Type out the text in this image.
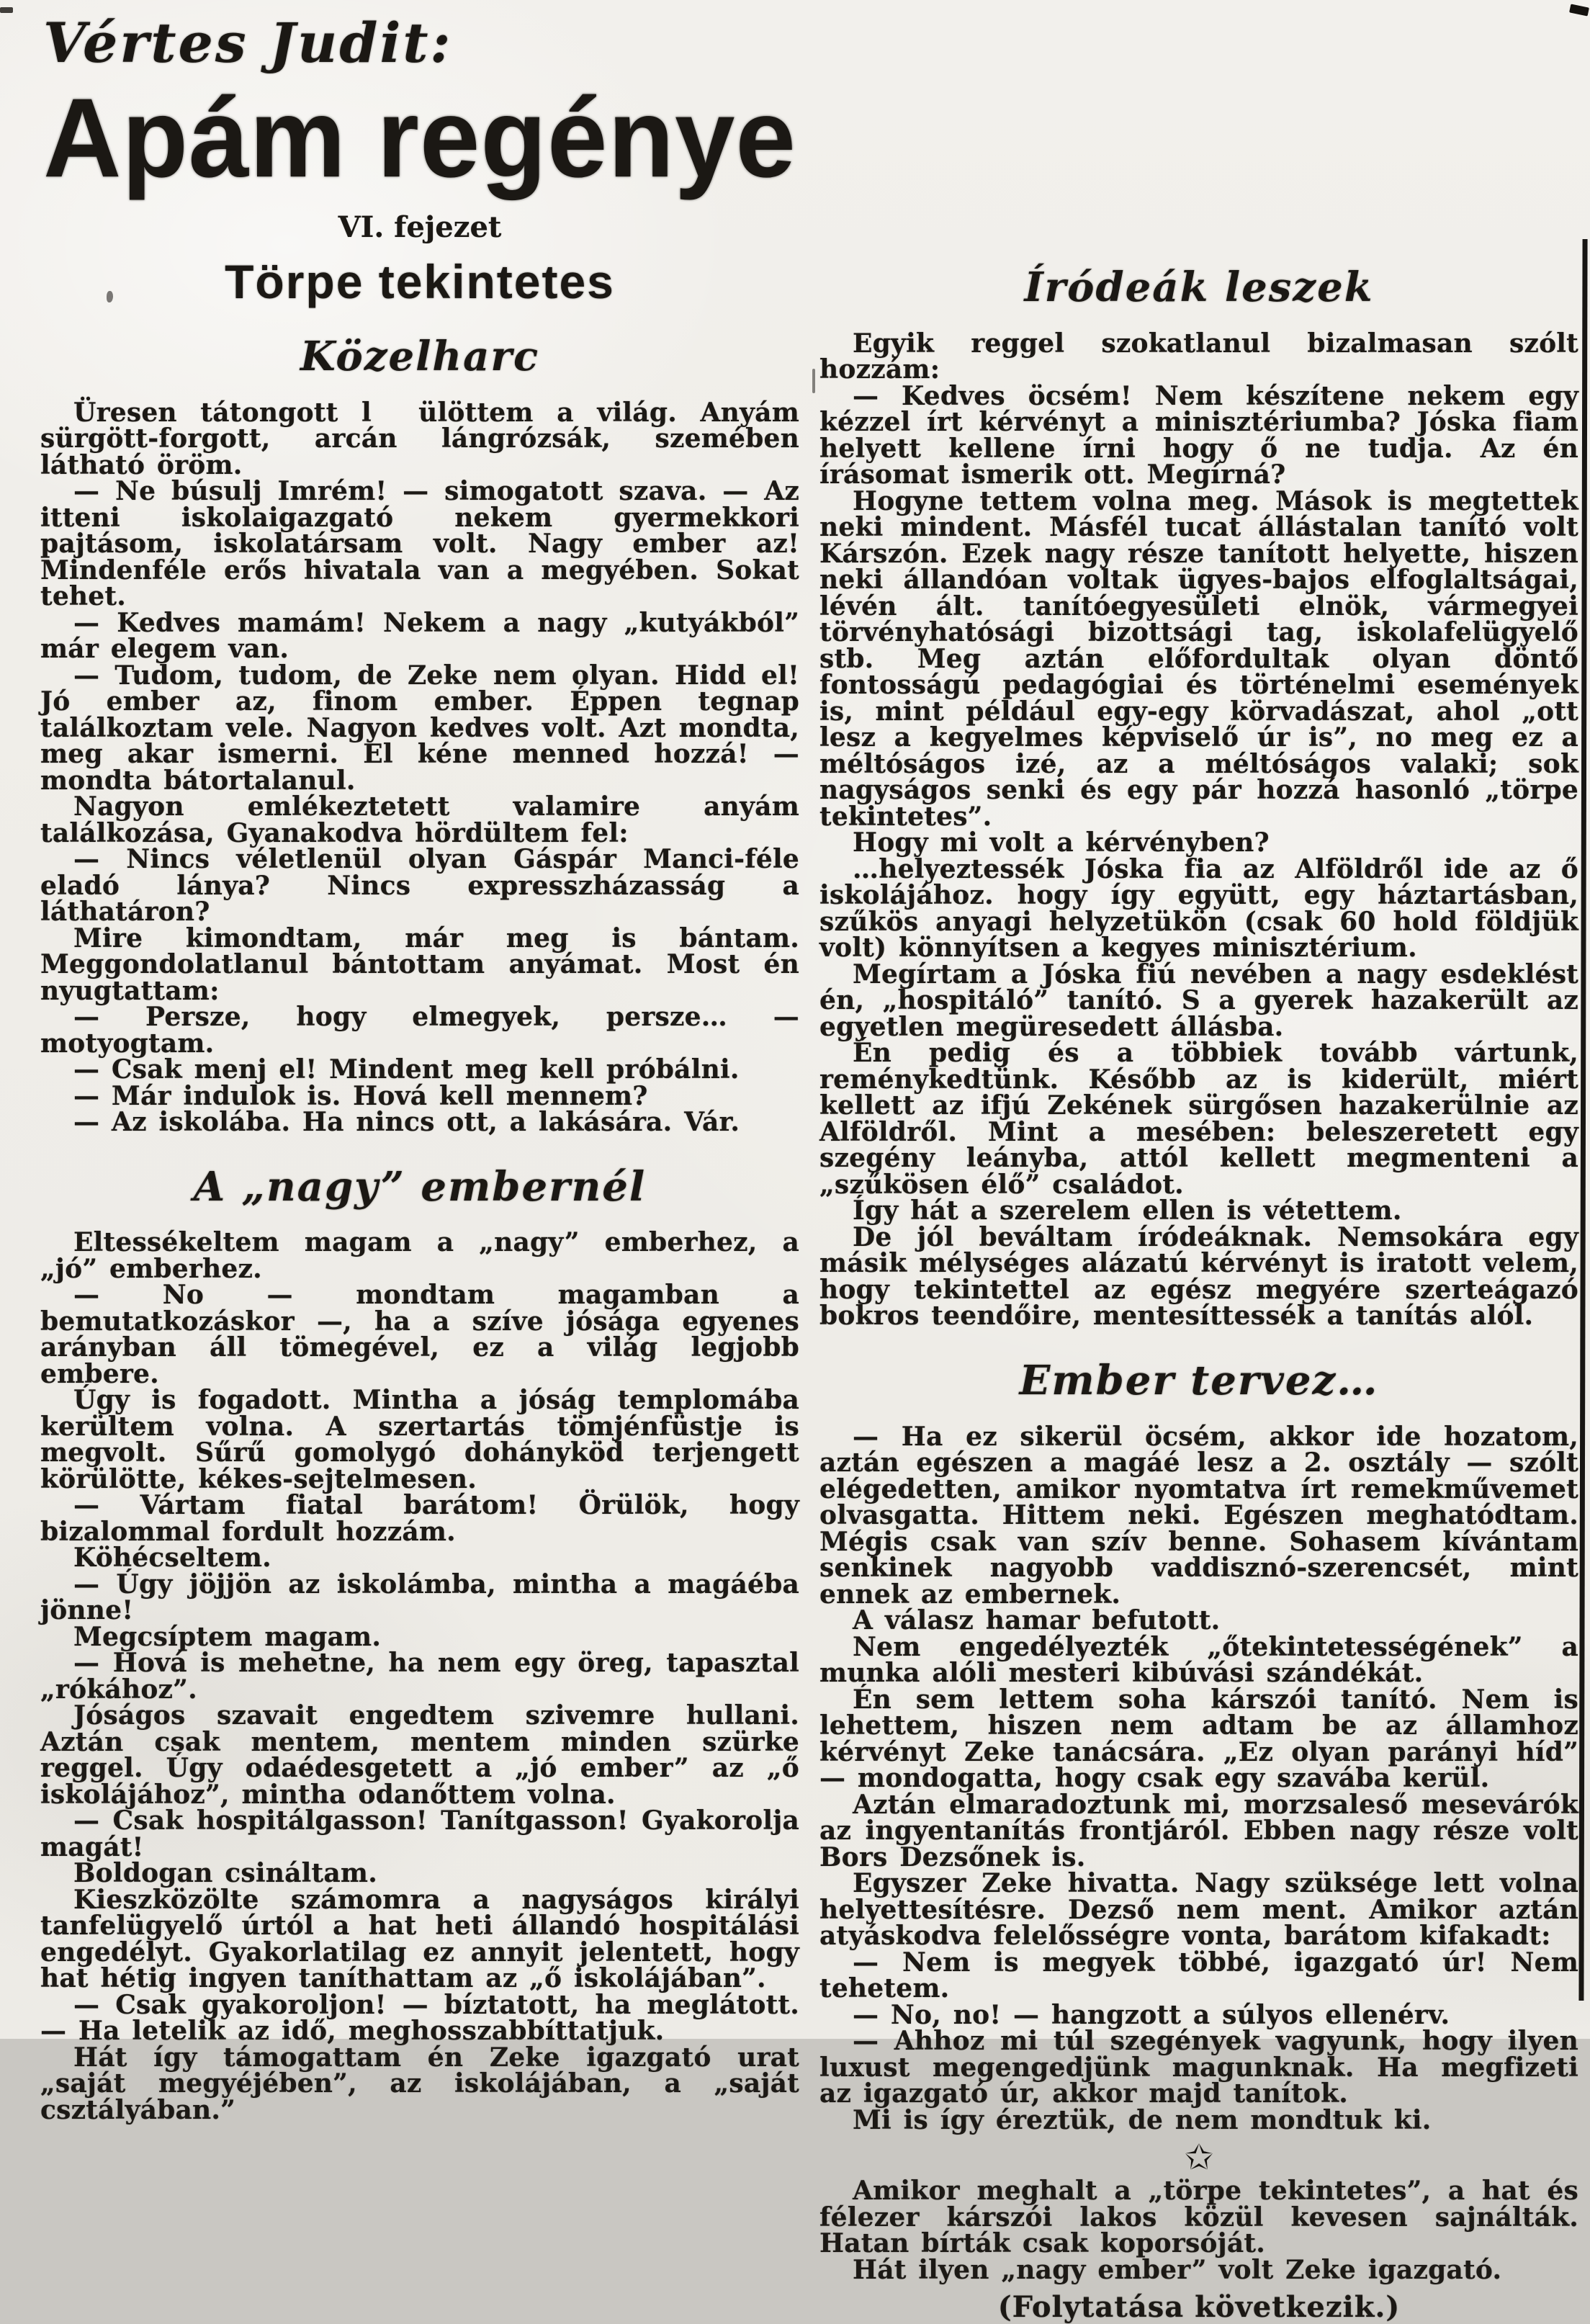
Vértes Judit:
Apám regénye
VI. fejezet
Törpe tekintetes
Közelharc

Üresen tátongott l  ülöttem a világ. Anyám sürgött-forgott, arcán lángrózsák, szemében látható öröm.

— Ne búsulj Imrém! — simogatott szava. — Az itteni iskolaigazgató nekem gyermekkori pajtásom, iskolatársam volt. Nagy ember az! Mindenféle erős hivatala van a megyében. Sokat tehet.

— Kedves mamám! Nekem a nagy „kutyákból” már elegem van.

— Tudom, tudom, de Zeke nem olyan. Hidd el! Jó ember az, finom ember. Éppen tegnap találkoztam vele. Nagyon kedves volt. Azt mondta, meg akar ismerni. El kéne menned hozzá! — mondta bátortalanul.

Nagyon emlékeztetett valamire anyám találkozása, Gyanakodva hördültem fel:

— Nincs véletlenül olyan Gáspár Manci-féle eladó lánya? Nincs expresszházasság a láthatáron?

Mire kimondtam, már meg is bántam. Meggondolatlanul bántottam anyámat. Most én nyugtattam:

— Persze, hogy elmegyek, persze… — motyogtam.

— Csak menj el! Mindent meg kell próbálni.

— Már indulok is. Hová kell mennem?

— Az iskolába. Ha nincs ott, a lakására. Vár.

A „nagy” embernél

Eltessékeltem magam a „nagy” emberhez, a „jó” emberhez.

— No — mondtam magamban a bemutatkozáskor —, ha a szíve jósága egyenes arányban áll tömegével, ez a világ legjobb embere.

Úgy is fogadott. Mintha a jóság templomába kerültem volna. A szertartás tömjénfüstje is megvolt. Sűrű gomolygó dohányköd terjengett körülötte, kékes-sejtelmesen.

— Vártam fiatal barátom! Örülök, hogy bizalommal fordult hozzám.

Köhécseltem.

— Úgy jöjjön az iskolámba, mintha a magáéba jönne!

Megcsíptem magam.

— Hová is mehetne, ha nem egy öreg, tapasztal „rókához”.

Jóságos szavait engedtem szivemre hullani. Aztán csak mentem, mentem minden szürke reggel. Úgy odaédesgetett a „jó ember” az „ő iskolájához”, mintha odanőttem volna.

— Csak hospitálgasson! Tanítgasson! Gyakorolja magát!

Boldogan csináltam.

Kieszközölte számomra a nagyságos királyi tanfelügyelő úrtól a hat heti állandó hospitálási engedélyt. Gyakorlatilag ez annyit jelentett, hogy hat hétig ingyen taníthattam az „ő iskolájában”.

— Csak gyakoroljon! — bíztatott, ha meglátott. — Ha letelik az idő, meghosszabbíttatjuk.

Hát így támogattam én Zeke igazgató urat „saját megyéjében”, az iskolájában, a „saját csztályában.”

Íródeák leszek

Egyik reggel szokatlanul bizalmasan szólt hozzám:

— Kedves öcsém! Nem készítene nekem egy kézzel írt kérvényt a minisztériumba? Jóska fiam helyett kellene írni hogy ő ne tudja. Az én írásomat ismerik ott. Megírná?

Hogyne tettem volna meg. Mások is megtettek neki mindent. Másfél tucat állástalan tanító volt Kárszón. Ezek nagy része tanított helyette, hiszen neki állandóan voltak ügyes-bajos elfoglaltságai, lévén ált. tanítóegyesületi elnök, vármegyei törvényhatósági bizottsági tag, iskolafelügyelő stb. Meg aztán előfordultak olyan döntő fontosságú pedagógiai és történelmi események is, mint például egy-egy körvadászat, ahol „ott lesz a kegyelmes képviselő úr is”, no meg ez a méltóságos izé, az a méltóságos valaki; sok nagyságos senki és egy pár hozzá hasonló „törpe tekintetes”.

Hogy mi volt a kérvényben?

…helyeztessék Jóska fia az Alföldről ide az ő iskolájához. hogy így együtt, egy háztartásban, szűkös anyagi helyzetükön (csak 60 hold földjük volt) könnyítsen a kegyes minisztérium.

Megírtam a Jóska fiú nevében a nagy esdeklést én, „hospitáló” tanító. S a gyerek hazakerült az egyetlen megüresedett állásba.

Én pedig és a többiek tovább vártunk, reménykedtünk. Később az is kiderült, miért kellett az ifjú Zekének sürgősen hazakerülnie az Alföldről. Mint a mesében: beleszeretett egy szegény leányba, attól kellett megmenteni a „szűkösen élő” családot.

Így hát a szerelem ellen is vétettem.

De jól beváltam íródeáknak. Nemsokára egy másik mélységes alázatú kérvényt is iratott velem, hogy tekintettel az egész megyére szerteágazó bokros teendőire, mentesíttessék a tanítás alól.

Ember tervez…

— Ha ez sikerül öcsém, akkor ide hozatom, aztán egészen a magáé lesz a 2. osztály — szólt elégedetten, amikor nyomtatva írt remekművemet olvasgatta. Hittem neki. Egészen meghatódtam. Mégis csak van szív benne. Sohasem kívántam senkinek nagyobb vaddisznó-szerencsét, mint ennek az embernek.

A válasz hamar befutott.

Nem engedélyezték „őtekintetességének” a munka alóli mesteri kibúvási szándékát.

Én sem lettem soha kárszói tanító. Nem is lehettem, hiszen nem adtam be az államhoz kérvényt Zeke tanácsára. „Ez olyan parányi híd” — mondogatta, hogy csak egy szavába kerül.

Aztán elmaradoztunk mi, morzsaleső mesevárók az ingyentanítás frontjáról. Ebben nagy része volt Bors Dezsőnek is.

Egyszer Zeke hivatta. Nagy szüksége lett volna helyettesítésre. Dezső nem ment. Amikor aztán atyáskodva felelősségre vonta, barátom kifakadt:

— Nem is megyek többé, igazgató úr! Nem tehetem.

— No, no! — hangzott a súlyos ellenérv.

— Ahhoz mi túl szegények vagyunk, hogy ilyen luxust megengedjünk magunknak. Ha megfizeti az igazgató úr, akkor majd tanítok.

Mi is így éreztük, de nem mondtuk ki.

✩

Amikor meghalt a „törpe tekintetes”, a hat és félezer kárszói lakos közül kevesen sajnálták. Hatan bírták csak koporsóját.

Hát ilyen „nagy ember” volt Zeke igazgató.

(Folytatása következik.)
